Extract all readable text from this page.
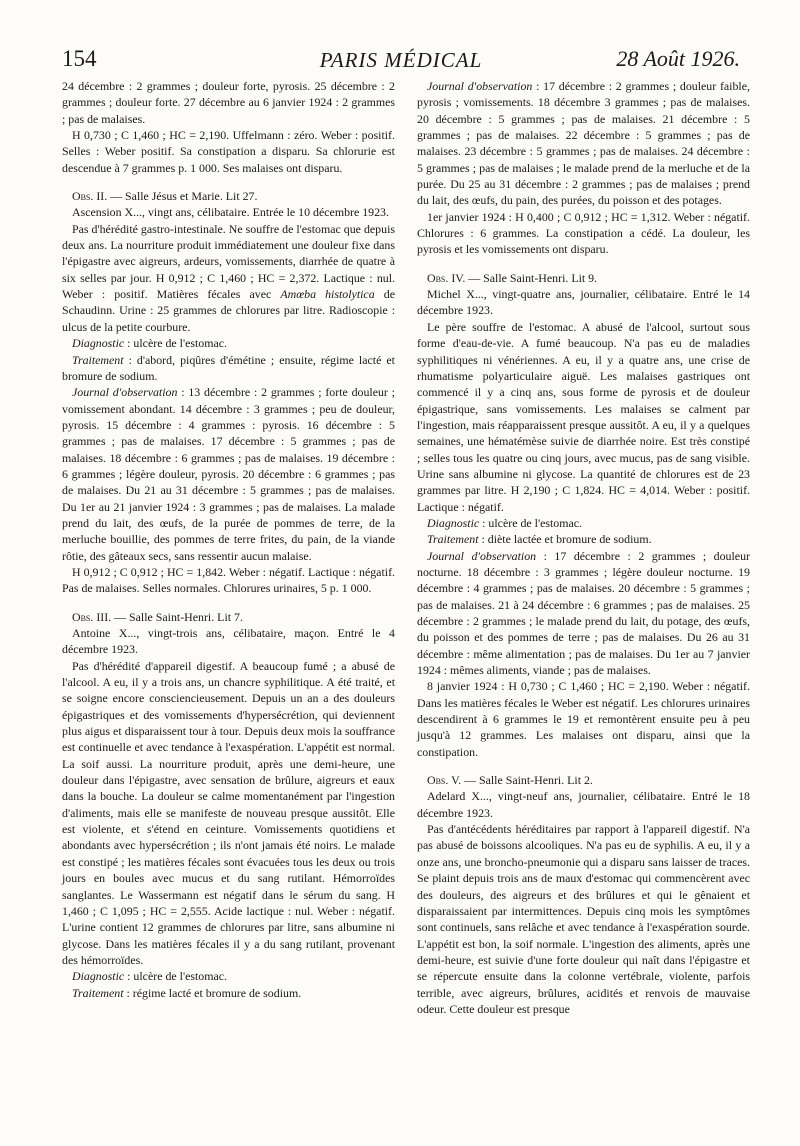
154	PARIS MÉDICAL	28 Août 1926.

24 décembre : 2 grammes ; douleur forte, pyrosis. 25 décembre : 2 grammes ; douleur forte. 27 décembre au 6 janvier 1924 : 2 grammes ; pas de malaises.

H 0,730 ; C 1,460 ; HC = 2,190. Uffelmann : zéro. Weber : positif. Selles : Weber positif. Sa constipation a disparu. Sa chlorurie est descendue à 7 grammes p. 1 000. Ses malaises ont disparu.

Obs. II. — Salle Jésus et Marie. Lit 27.

Ascension X..., vingt ans, célibataire. Entrée le 10 décembre 1923.

Pas d'hérédité gastro-intestinale. Ne souffre de l'estomac que depuis deux ans. La nourriture produit immédiatement une douleur fixe dans l'épigastre avec aigreurs, ardeurs, vomissements, diarrhée de quatre à six selles par jour. H 0,912 ; C 1,460 ; HC = 2,372. Lactique : nul. Weber : positif. Matières fécales avec Amœba histolytica de Schaudinn. Urine : 25 grammes de chlorures par litre. Radioscopie : ulcus de la petite courbure.

Diagnostic : ulcère de l'estomac.

Traitement : d'abord, piqûres d'émétine ; ensuite, régime lacté et bromure de sodium.

Journal d'observation : 13 décembre : 2 grammes ; forte douleur ; vomissement abondant. 14 décembre : 3 grammes ; peu de douleur, pyrosis. 15 décembre : 4 grammes : pyrosis. 16 décembre : 5 grammes ; pas de malaises. 17 décembre : 5 grammes ; pas de malaises. 18 décembre : 6 grammes ; pas de malaises. 19 décembre : 6 grammes ; légère douleur, pyrosis. 20 décembre : 6 grammes ; pas de malaises. Du 21 au 31 décembre : 5 grammes ; pas de malaises. Du 1er au 21 janvier 1924 : 3 grammes ; pas de malaises. La malade prend du lait, des œufs, de la purée de pommes de terre, de la merluche bouillie, des pommes de terre frites, du pain, de la viande rôtie, des gâteaux secs, sans ressentir aucun malaise.

H 0,912 ; C 0,912 ; HC = 1,842. Weber : négatif. Lactique : négatif. Pas de malaises. Selles normales. Chlorures urinaires, 5 p. 1 000.

Obs. III. — Salle Saint-Henri. Lit 7.

Antoine X..., vingt-trois ans, célibataire, maçon. Entré le 4 décembre 1923.

Pas d'hérédité d'appareil digestif. A beaucoup fumé ; a abusé de l'alcool. A eu, il y a trois ans, un chancre syphilitique. A été traité, et se soigne encore consciencieusement. Depuis un an a des douleurs épigastriques et des vomissements d'hypersécrétion, qui deviennent plus aigus et disparaissent tour à tour. Depuis deux mois la souffrance est continuelle et avec tendance à l'exaspération. L'appétit est normal. La soif aussi. La nourriture produit, après une demi-heure, une douleur dans l'épigastre, avec sensation de brûlure, aigreurs et eaux dans la bouche. La douleur se calme momentanément par l'ingestion d'aliments, mais elle se manifeste de nouveau presque aussitôt. Elle est violente, et s'étend en ceinture. Vomissements quotidiens et abondants avec hypersécrétion ; ils n'ont jamais été noirs. Le malade est constipé ; les matières fécales sont évacuées tous les deux ou trois jours en boules avec mucus et du sang rutilant. Hémorroïdes sanglantes. Le Wassermann est négatif dans le sérum du sang. H 1,460 ; C 1,095 ; HC = 2,555. Acide lactique : nul. Weber : négatif. L'urine contient 12 grammes de chlorures par litre, sans albumine ni glycose. Dans les matières fécales il y a du sang rutilant, provenant des hémorroïdes.

Diagnostic : ulcère de l'estomac.

Traitement : régime lacté et bromure de sodium.

Journal d'observation : 17 décembre : 2 grammes ; douleur faible, pyrosis ; vomissements. 18 décembre 3 grammes ; pas de malaises. 20 décembre : 5 grammes ; pas de malaises. 21 décembre : 5 grammes ; pas de malaises. 22 décembre : 5 grammes ; pas de malaises. 23 décembre : 5 grammes ; pas de malaises. 24 décembre : 5 grammes ; pas de malaises ; le malade prend de la merluche et de la purée. Du 25 au 31 décembre : 2 grammes ; pas de malaises ; prend du lait, des œufs, du pain, des purées, du poisson et des potages.

1er janvier 1924 : H 0,400 ; C 0,912 ; HC = 1,312. Weber : négatif. Chlorures : 6 grammes. La constipation a cédé. La douleur, les pyrosis et les vomissements ont disparu.

Obs. IV. — Salle Saint-Henri. Lit 9.

Michel X..., vingt-quatre ans, journalier, célibataire. Entré le 14 décembre 1923.

Le père souffre de l'estomac. A abusé de l'alcool, surtout sous forme d'eau-de-vie. A fumé beaucoup. N'a pas eu de maladies syphilitiques ni vénériennes. A eu, il y a quatre ans, une crise de rhumatisme polyarticulaire aiguë. Les malaises gastriques ont commencé il y a cinq ans, sous forme de pyrosis et de douleur épigastrique, sans vomissements. Les malaises se calment par l'ingestion, mais réapparaissent presque aussitôt. A eu, il y a quelques semaines, une hématémèse suivie de diarrhée noire. Est très constipé ; selles tous les quatre ou cinq jours, avec mucus, pas de sang visible. Urine sans albumine ni glycose. La quantité de chlorures est de 23 grammes par litre. H 2,190 ; C 1,824. HC = 4,014. Weber : positif. Lactique : négatif.

Diagnostic : ulcère de l'estomac.

Traitement : diète lactée et bromure de sodium.

Journal d'observation : 17 décembre : 2 grammes ; douleur nocturne. 18 décembre : 3 grammes ; légère douleur nocturne. 19 décembre : 4 grammes ; pas de malaises. 20 décembre : 5 grammes ; pas de malaises. 21 à 24 décembre : 6 grammes ; pas de malaises. 25 décembre : 2 grammes ; le malade prend du lait, du potage, des œufs, du poisson et des pommes de terre ; pas de malaises. Du 26 au 31 décembre : même alimentation ; pas de malaises. Du 1er au 7 janvier 1924 : mêmes aliments, viande ; pas de malaises.

8 janvier 1924 : H 0,730 ; C 1,460 ; HC = 2,190. Weber : négatif. Dans les matières fécales le Weber est négatif. Les chlorures urinaires descendirent à 6 grammes le 19 et remontèrent ensuite peu à peu jusqu'à 12 grammes. Les malaises ont disparu, ainsi que la constipation.

Obs. V. — Salle Saint-Henri. Lit 2.

Adelard X..., vingt-neuf ans, journalier, célibataire. Entré le 18 décembre 1923.

Pas d'antécédents héréditaires par rapport à l'appareil digestif. N'a pas abusé de boissons alcooliques. N'a pas eu de syphilis. A eu, il y a onze ans, une broncho-pneumonie qui a disparu sans laisser de traces. Se plaint depuis trois ans de maux d'estomac qui commencèrent avec des douleurs, des aigreurs et des brûlures et qui le gênaient et disparaissaient par intermittences. Depuis cinq mois les symptômes sont continuels, sans relâche et avec tendance à l'exaspération sourde. L'appétit est bon, la soif normale. L'ingestion des aliments, après une demi-heure, est suivie d'une forte douleur qui naît dans l'épigastre et se répercute ensuite dans la colonne vertébrale, violente, parfois terrible, avec aigreurs, brûlures, acidités et renvois de mauvaise odeur. Cette douleur est presque
